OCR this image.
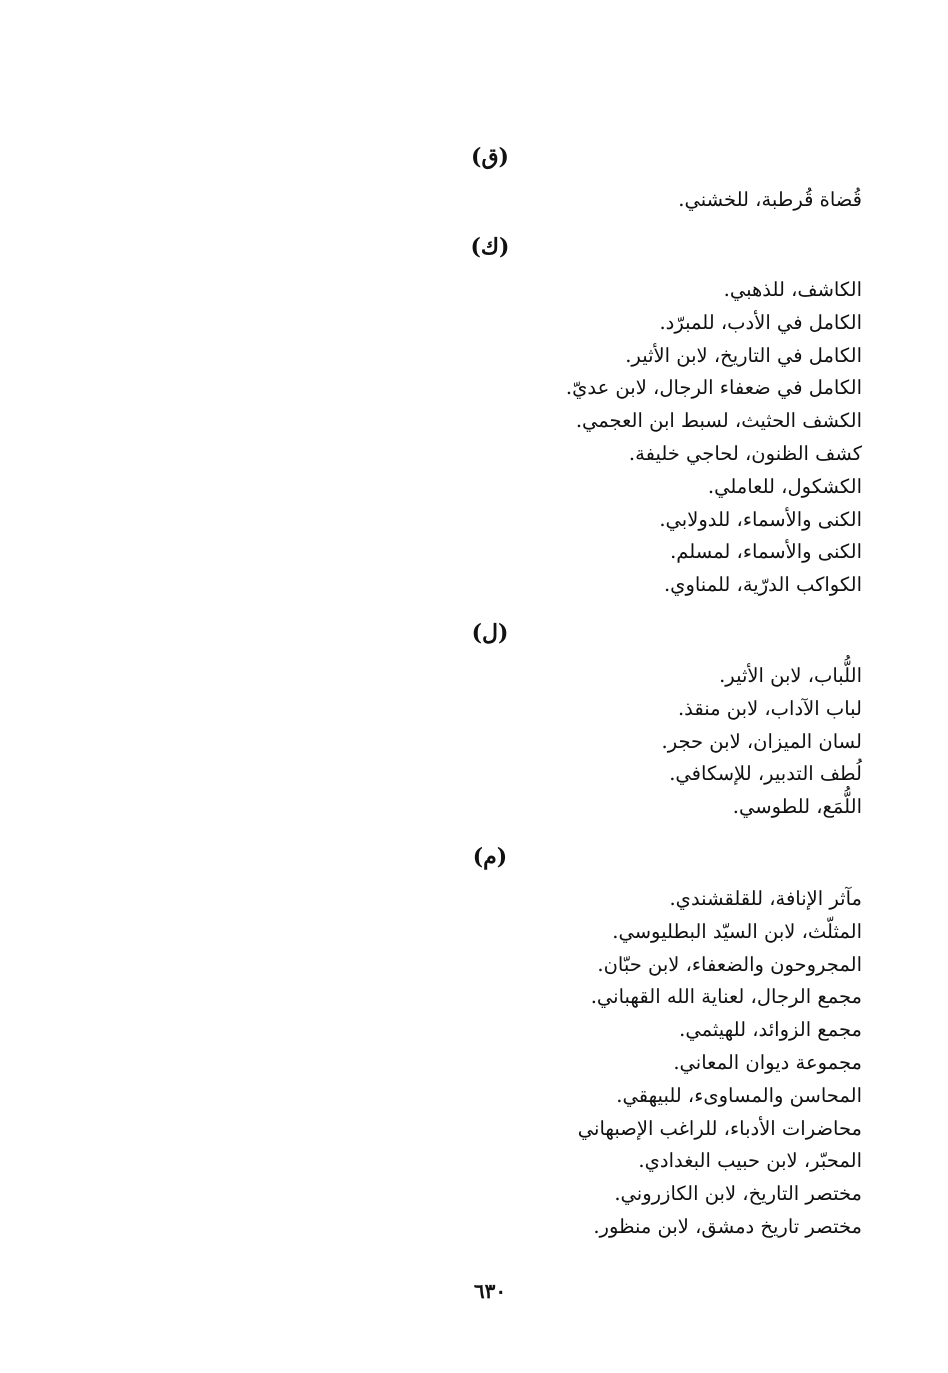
(ق)
قُضاة قُرطبة، للخشني.
(ك)
الكاشف، للذهبي.
الكامل في الأدب، للمبرّد.
الكامل في التاريخ، لابن الأثير.
الكامل في ضعفاء الرجال، لابن عديّ.
الكشف الحثيث، لسبط ابن العجمي.
كشف الظنون، لحاجي خليفة.
الكشكول، للعاملي.
الكنى والأسماء، للدولابي.
الكنى والأسماء، لمسلم.
الكواكب الدرّية، للمناوي.
(ل)
اللُّباب، لابن الأثير.
لباب الآداب، لابن منقذ.
لسان الميزان، لابن حجر.
لُطف التدبير، للإسكافي.
اللُّمَع، للطوسي.
(م)
مآثر الإنافة، للقلقشندي.
المثلّث، لابن السيّد البطليوسي.
المجروحون والضعفاء، لابن حبّان.
مجمع الرجال، لعناية الله القهباني.
مجمع الزوائد، للهيثمي.
مجموعة ديوان المعاني.
المحاسن والمساوىء، للبيهقي.
محاضرات الأدباء، للراغب الإصبهاني
المحبّر، لابن حبيب البغدادي.
مختصر التاريخ، لابن الكازروني.
مختصر تاريخ دمشق، لابن منظور.
٦٣٠
